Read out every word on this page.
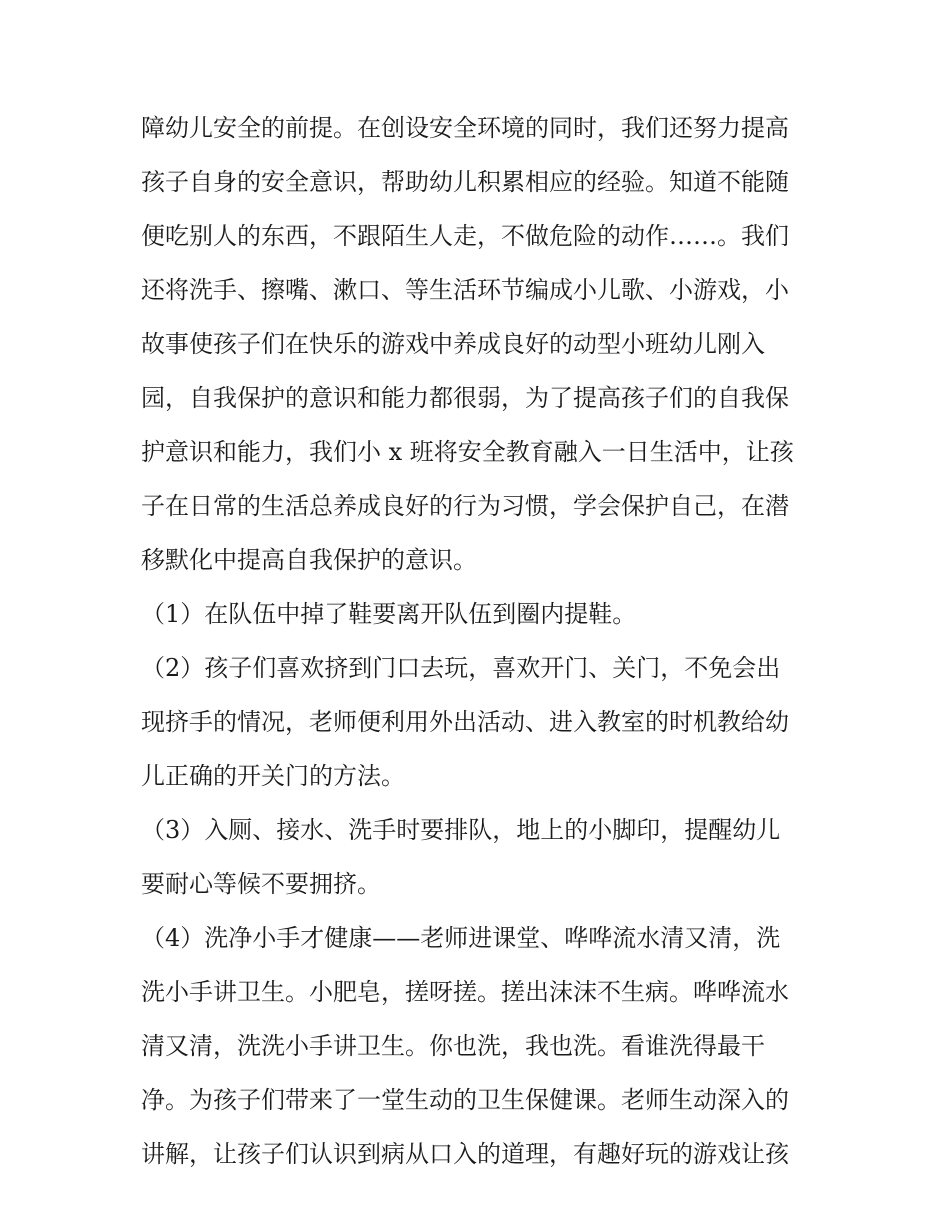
障幼儿安全的前提。在创设安全环境的同时，我们还努力提高
孩子自身的安全意识，帮助幼儿积累相应的经验。知道不能随
便吃别人的东西，不跟陌生人走，不做危险的动作……。我们
还将洗手、擦嘴、漱口、等生活环节编成小儿歌、小游戏，小
故事使孩子们在快乐的游戏中养成良好的动型小班幼儿刚入
园，自我保护的意识和能力都很弱，为了提高孩子们的自我保
护意识和能力，我们小 x 班将安全教育融入一日生活中，让孩
子在日常的生活总养成良好的行为习惯，学会保护自己，在潜
移默化中提高自我保护的意识。
（1）在队伍中掉了鞋要离开队伍到圈内提鞋。
（2）孩子们喜欢挤到门口去玩，喜欢开门、关门，不免会出
现挤手的情况，老师便利用外出活动、进入教室的时机教给幼
儿正确的开关门的方法。
（3）入厕、接水、洗手时要排队，地上的小脚印，提醒幼儿
要耐心等候不要拥挤。
（4）洗净小手才健康——老师进课堂、哗哗流水清又清，洗
洗小手讲卫生。小肥皂，搓呀搓。搓出沫沫不生病。哗哗流水
清又清，洗洗小手讲卫生。你也洗，我也洗。看谁洗得最干
净。为孩子们带来了一堂生动的卫生保健课。老师生动深入的
讲解，让孩子们认识到病从口入的道理，有趣好玩的游戏让孩
